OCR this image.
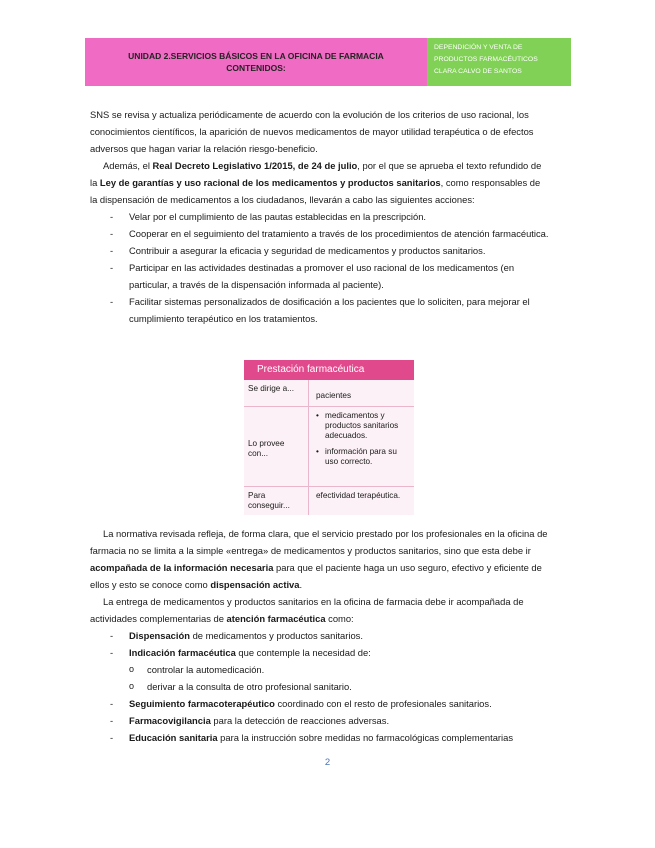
UNIDAD 2.SERVICIOS BÁSICOS EN LA OFICINA DE FARMACIA
CONTENIDOS:
DEPENDICIÓN Y VENTA DE
PRODUCTOS FARMACÉUTICOS
CLARA CALVO DE SANTOS

SNS se revisa y actualiza periódicamente de acuerdo con la evolución de los criterios de uso racional, los conocimientos científicos, la aparición de nuevos medicamentos de mayor utilidad terapéutica o de efectos adversos que hagan variar la relación riesgo-beneficio.

Además, el Real Decreto Legislativo 1/2015, de 24 de julio, por el que se aprueba el texto refundido de la Ley de garantías y uso racional de los medicamentos y productos sanitarios, como responsables de la dispensación de medicamentos a los ciudadanos, llevarán a cabo las siguientes acciones:

- Velar por el cumplimiento de las pautas establecidas en la prescripción.
- Cooperar en el seguimiento del tratamiento a través de los procedimientos de atención farmacéutica.
- Contribuir a asegurar la eficacia y seguridad de medicamentos y productos sanitarios.
- Participar en las actividades destinadas a promover el uso racional de los medicamentos (en particular, a través de la dispensación informada al paciente).
- Facilitar sistemas personalizados de dosificación a los pacientes que lo soliciten, para mejorar el cumplimiento terapéutico en los tratamientos.
Prestación farmacéutica
Se dirige a...
pacientes
Lo provee con...
• medicamentos y productos sanitarios adecuados.
• información para su uso correcto.
Para conseguir...
efectividad terapéutica.

La normativa revisada refleja, de forma clara, que el servicio prestado por los profesionales en la oficina de farmacia no se limita a la simple «entrega» de medicamentos y productos sanitarios, sino que esta debe ir acompañada de la información necesaria para que el paciente haga un uso seguro, efectivo y eficiente de ellos y esto se conoce como dispensación activa.

La entrega de medicamentos y productos sanitarios en la oficina de farmacia debe ir acompañada de actividades complementarias de atención farmacéutica como:

- Dispensación de medicamentos y productos sanitarios.
- Indicación farmacéutica que contemple la necesidad de:
o controlar la automedicación.
o derivar a la consulta de otro profesional sanitario.
- Seguimiento farmacoterapéutico coordinado con el resto de profesionales sanitarios.
- Farmacovigilancia para la detección de reacciones adversas.
- Educación sanitaria para la instrucción sobre medidas no farmacológicas complementarias
2
